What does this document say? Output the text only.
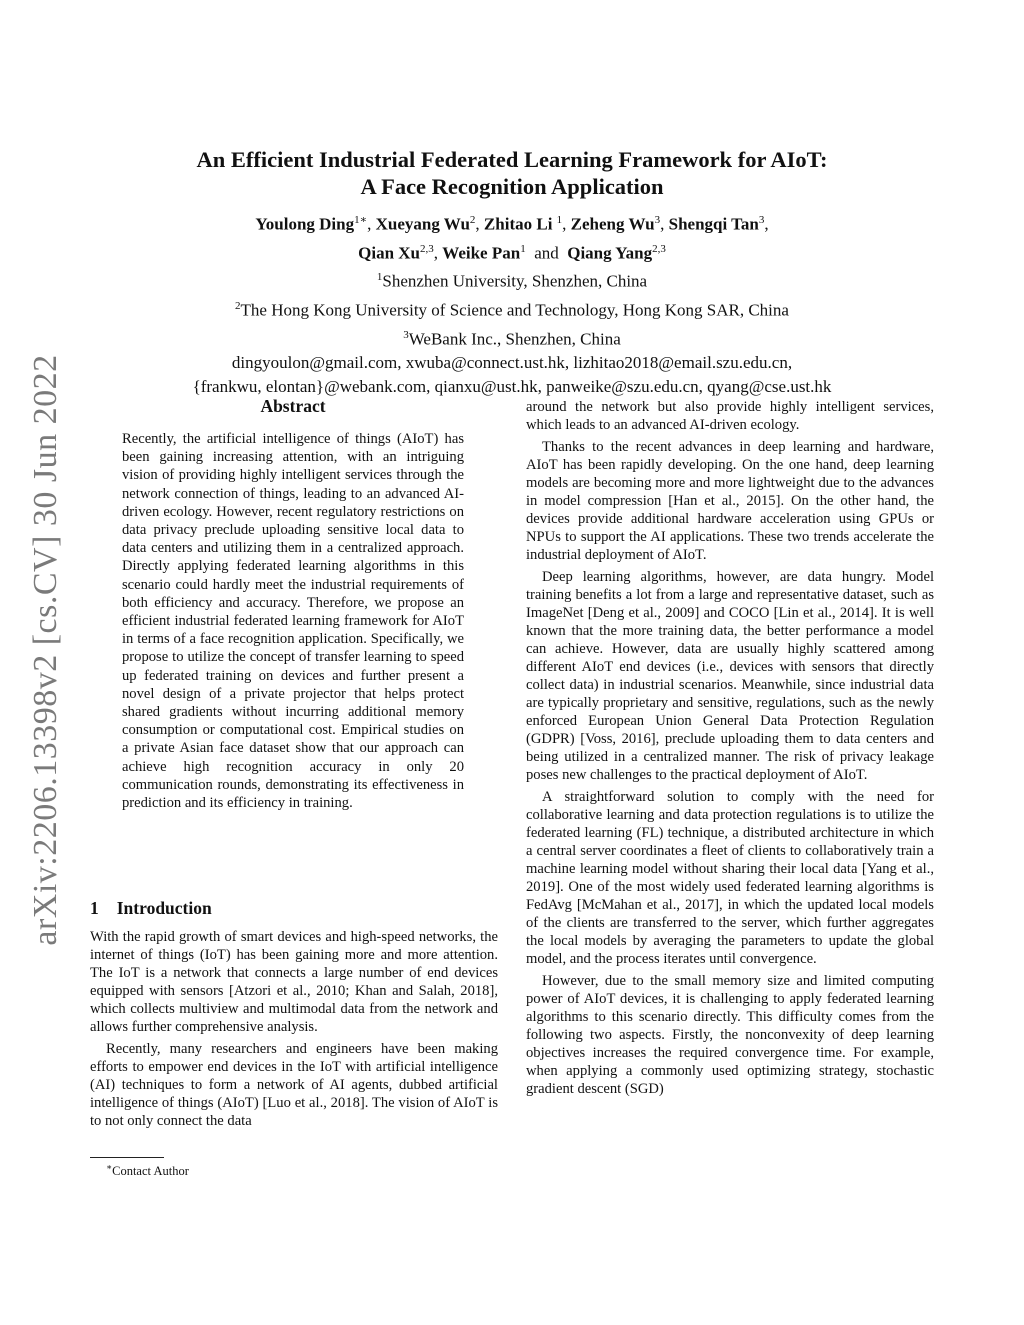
arXiv:2206.13398v2 [cs.CV] 30 Jun 2022
An Efficient Industrial Federated Learning Framework for AIoT:
A Face Recognition Application
Youlong Ding$^{1∗}$, Xueyang Wu$^2$, Zhitao Li $^1$, Zeheng Wu$^3$, Shengqi Tan$^3$,
Qian Xu$^{2,3}$, Weike Pan$^1$ and Qiang Yang$^{2,3}$
$^1$Shenzhen University, Shenzhen, China
$^2$The Hong Kong University of Science and Technology, Hong Kong SAR, China
$^3$WeBank Inc., Shenzhen, China
dingyoulon@gmail.com, xwuba@connect.ust.hk, lizhitao2018@email.szu.edu.cn,
{frankwu, elontan}@webank.com, qianxu@ust.hk, panweike@szu.edu.cn, qyang@cse.ust.hk
Abstract

Recently, the artificial intelligence of things (AIoT) has been gaining increasing attention, with an intriguing vision of providing highly intelligent services through the network connection of things, leading to an advanced AI-driven ecology. However, recent regulatory restrictions on data privacy preclude uploading sensitive local data to data centers and utilizing them in a centralized approach. Directly applying federated learning algorithms in this scenario could hardly meet the industrial requirements of both efficiency and accuracy. Therefore, we propose an efficient industrial federated learning framework for AIoT in terms of a face recognition application. Specifically, we propose to utilize the concept of transfer learning to speed up federated training on devices and further present a novel design of a private projector that helps protect shared gradients without incurring additional memory consumption or computational cost. Empirical studies on a private Asian face dataset show that our approach can achieve high recognition accuracy in only 20 communication rounds, demonstrating its effectiveness in prediction and its efficiency in training.

1 Introduction

With the rapid growth of smart devices and high-speed networks, the internet of things (IoT) has been gaining more and more attention. The IoT is a network that connects a large number of end devices equipped with sensors [Atzori et al., 2010; Khan and Salah, 2018], which collects multiview and multimodal data from the network and allows further comprehensive analysis.

Recently, many researchers and engineers have been making efforts to empower end devices in the IoT with artificial intelligence (AI) techniques to form a network of AI agents, dubbed artificial intelligence of things (AIoT) [Luo et al., 2018]. The vision of AIoT is to not only connect the data

around the network but also provide highly intelligent services, which leads to an advanced AI-driven ecology.

Thanks to the recent advances in deep learning and hardware, AIoT has been rapidly developing. On the one hand, deep learning models are becoming more and more lightweight due to the advances in model compression [Han et al., 2015]. On the other hand, the devices provide additional hardware acceleration using GPUs or NPUs to support the AI applications. These two trends accelerate the industrial deployment of AIoT.

Deep learning algorithms, however, are data hungry. Model training benefits a lot from a large and representative dataset, such as ImageNet [Deng et al., 2009] and COCO [Lin et al., 2014]. It is well known that the more training data, the better performance a model can achieve. However, data are usually highly scattered among different AIoT end devices (i.e., devices with sensors that directly collect data) in industrial scenarios. Meanwhile, since industrial data are typically proprietary and sensitive, regulations, such as the newly enforced European Union General Data Protection Regulation (GDPR) [Voss, 2016], preclude uploading them to data centers and being utilized in a centralized manner. The risk of privacy leakage poses new challenges to the practical deployment of AIoT.

A straightforward solution to comply with the need for collaborative learning and data protection regulations is to utilize the federated learning (FL) technique, a distributed architecture in which a central server coordinates a fleet of clients to collaboratively train a machine learning model without sharing their local data [Yang et al., 2019]. One of the most widely used federated learning algorithms is FedAvg [McMahan et al., 2017], in which the updated local models of the clients are transferred to the server, which further aggregates the local models by averaging the parameters to update the global model, and the process iterates until convergence.

However, due to the small memory size and limited computing power of AIoT devices, it is challenging to apply federated learning algorithms to this scenario directly. This difficulty comes from the following two aspects. Firstly, the nonconvexity of deep learning objectives increases the required convergence time. For example, when applying a commonly used optimizing strategy, stochastic gradient descent (SGD)

∗Contact Author
